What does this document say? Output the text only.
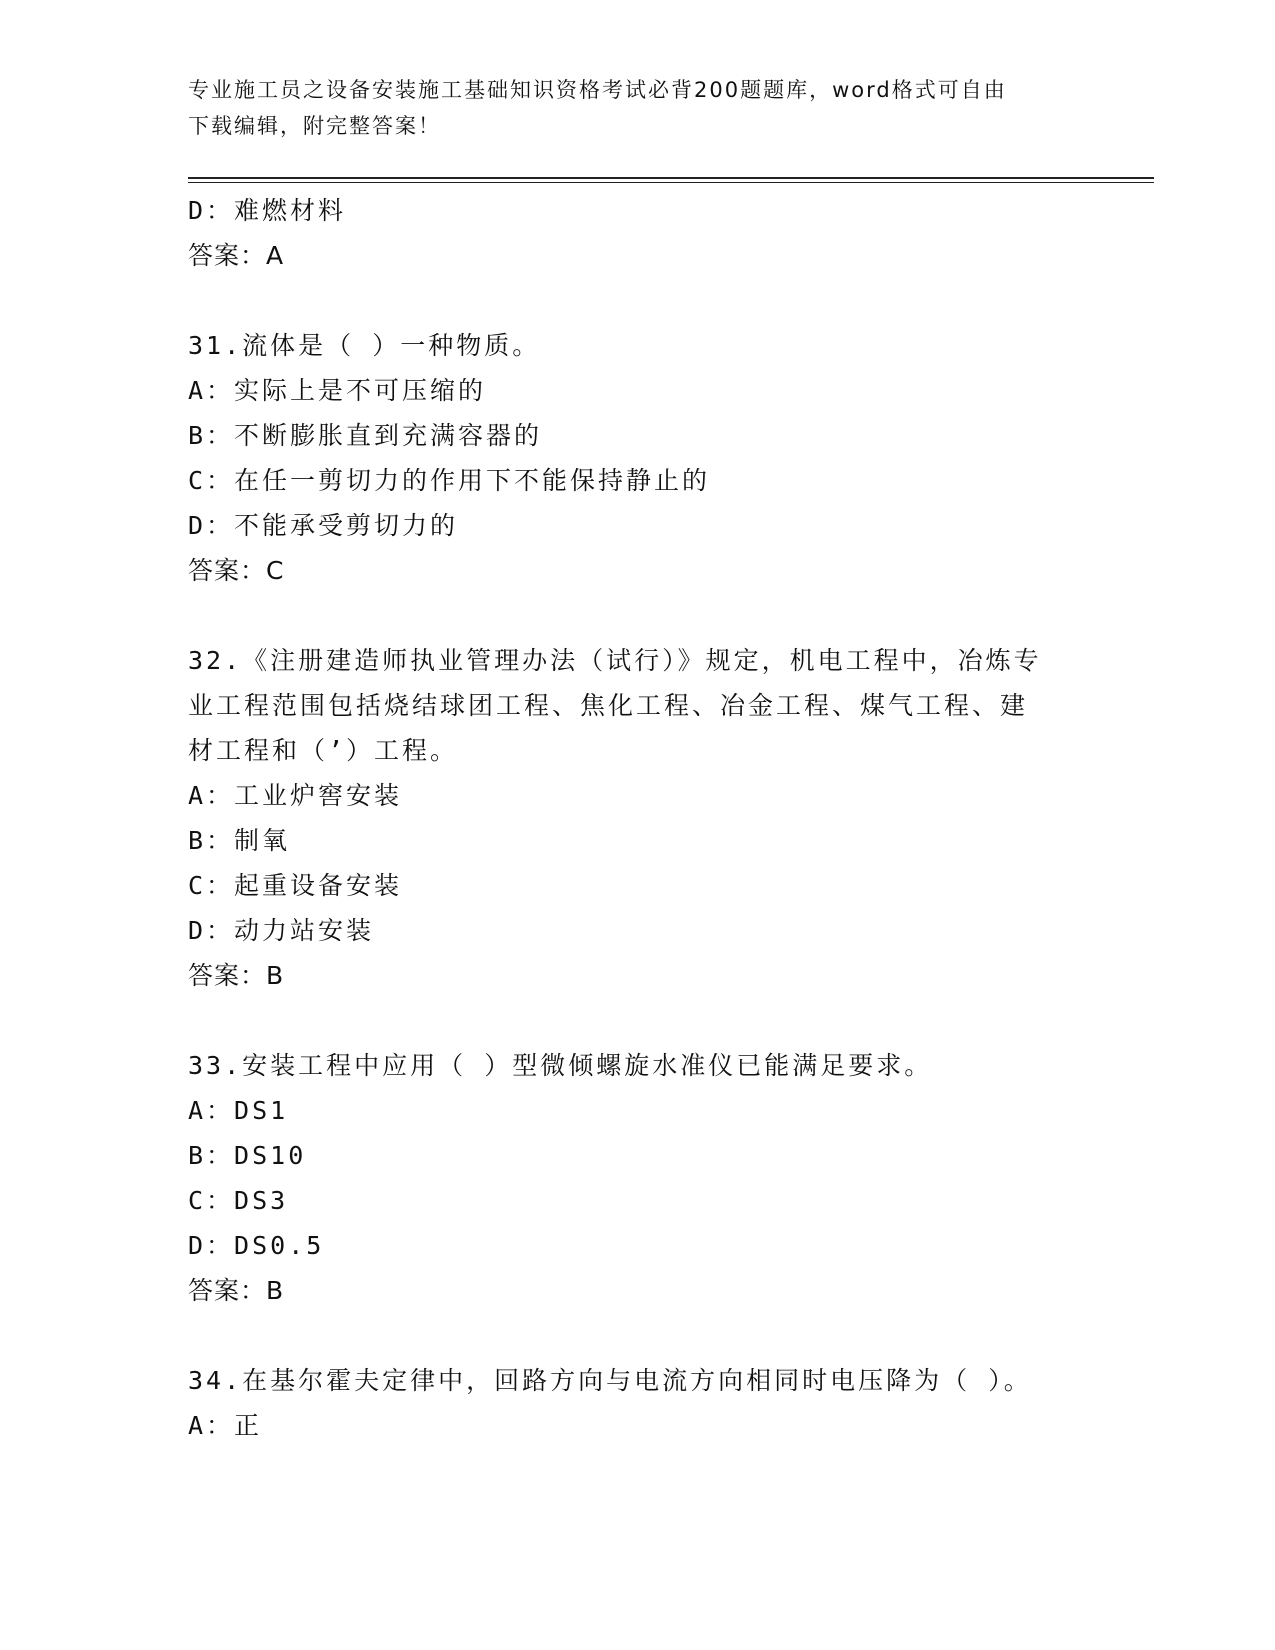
专业施工员之设备安装施工基础知识资格考试必背200题题库，word格式可自由
下载编辑，附完整答案！
D：难燃材料
答案：A
31.流体是（ ）一种物质。
A：实际上是不可压缩的
B：不断膨胀直到充满容器的
C：在任一剪切力的作用下不能保持静止的
D：不能承受剪切力的
答案：C
32.《注册建造师执业管理办法（试行）》规定，机电工程中，冶炼专
业工程范围包括烧结球团工程、焦化工程、冶金工程、煤气工程、建
材工程和（’）工程。
A：工业炉窖安装
B：制氧
C：起重设备安装
D：动力站安装
答案：B
33.安装工程中应用（ ）型微倾螺旋水准仪已能满足要求。
A：DS1
B：DS10
C：DS3
D：DS0.5
答案：B
34.在基尔霍夫定律中，回路方向与电流方向相同时电压降为（ ）。
A：正
